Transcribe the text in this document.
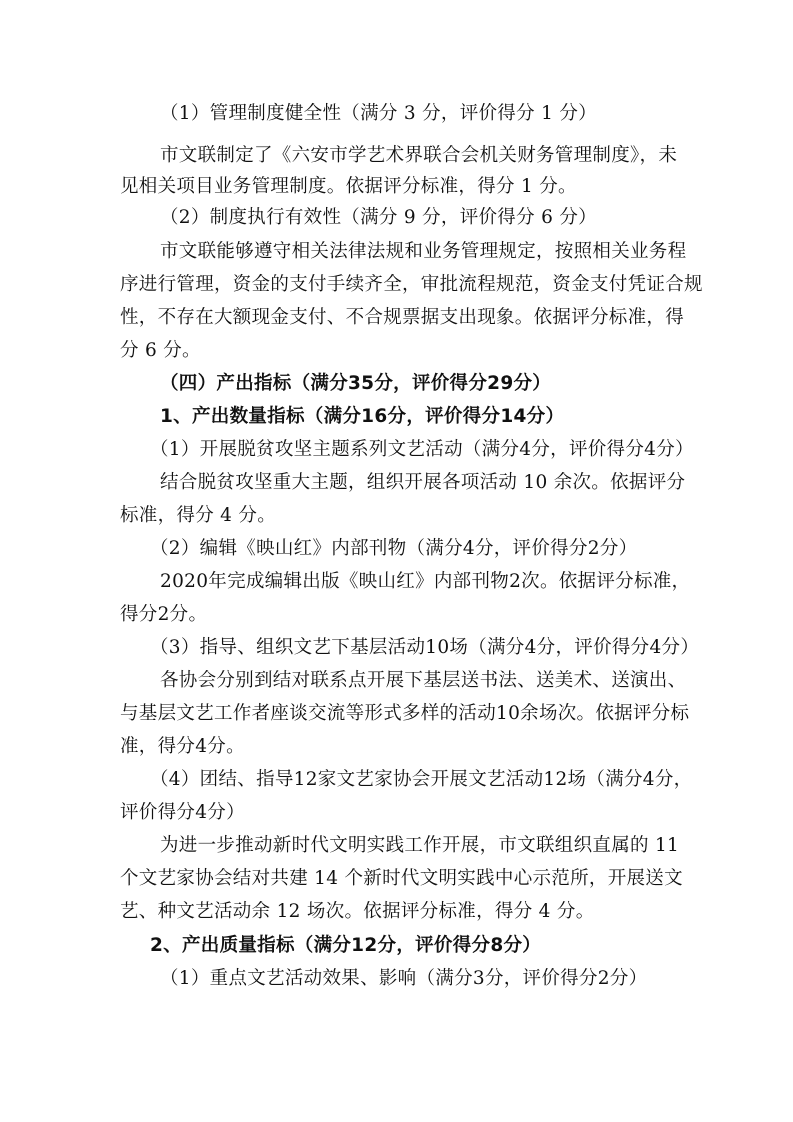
（1）管理制度健全性（满分 3 分，评价得分 1 分）
市文联制定了《六安市学艺术界联合会机关财务管理制度》，未
见相关项目业务管理制度。依据评分标准，得分 1 分。
（2）制度执行有效性（满分 9 分，评价得分 6 分）
市文联能够遵守相关法律法规和业务管理规定，按照相关业务程
序进行管理，资金的支付手续齐全，审批流程规范，资金支付凭证合规
性，不存在大额现金支付、不合规票据支出现象。依据评分标准，得
分 6 分。
（四）产出指标（满分35分，评价得分29分）
1、产出数量指标（满分16分，评价得分14分）
（1）开展脱贫攻坚主题系列文艺活动（满分4分，评价得分4分）
结合脱贫攻坚重大主题，组织开展各项活动 10 余次。依据评分
标准，得分 4 分。
（2）编辑《映山红》内部刊物（满分4分，评价得分2分）
2020年完成编辑出版《映山红》内部刊物2次。依据评分标准，
得分2分。
（3）指导、组织文艺下基层活动10场（满分4分，评价得分4分）
各协会分别到结对联系点开展下基层送书法、送美术、送演出、
与基层文艺工作者座谈交流等形式多样的活动10余场次。依据评分标
准，得分4分。
（4）团结、指导12家文艺家协会开展文艺活动12场（满分4分，
评价得分4分）
为进一步推动新时代文明实践工作开展，市文联组织直属的 11
个文艺家协会结对共建 14 个新时代文明实践中心示范所，开展送文
艺、种文艺活动余 12 场次。依据评分标准，得分 4 分。
2、产出质量指标（满分12分，评价得分8分）
（1）重点文艺活动效果、影响（满分3分，评价得分2分）
